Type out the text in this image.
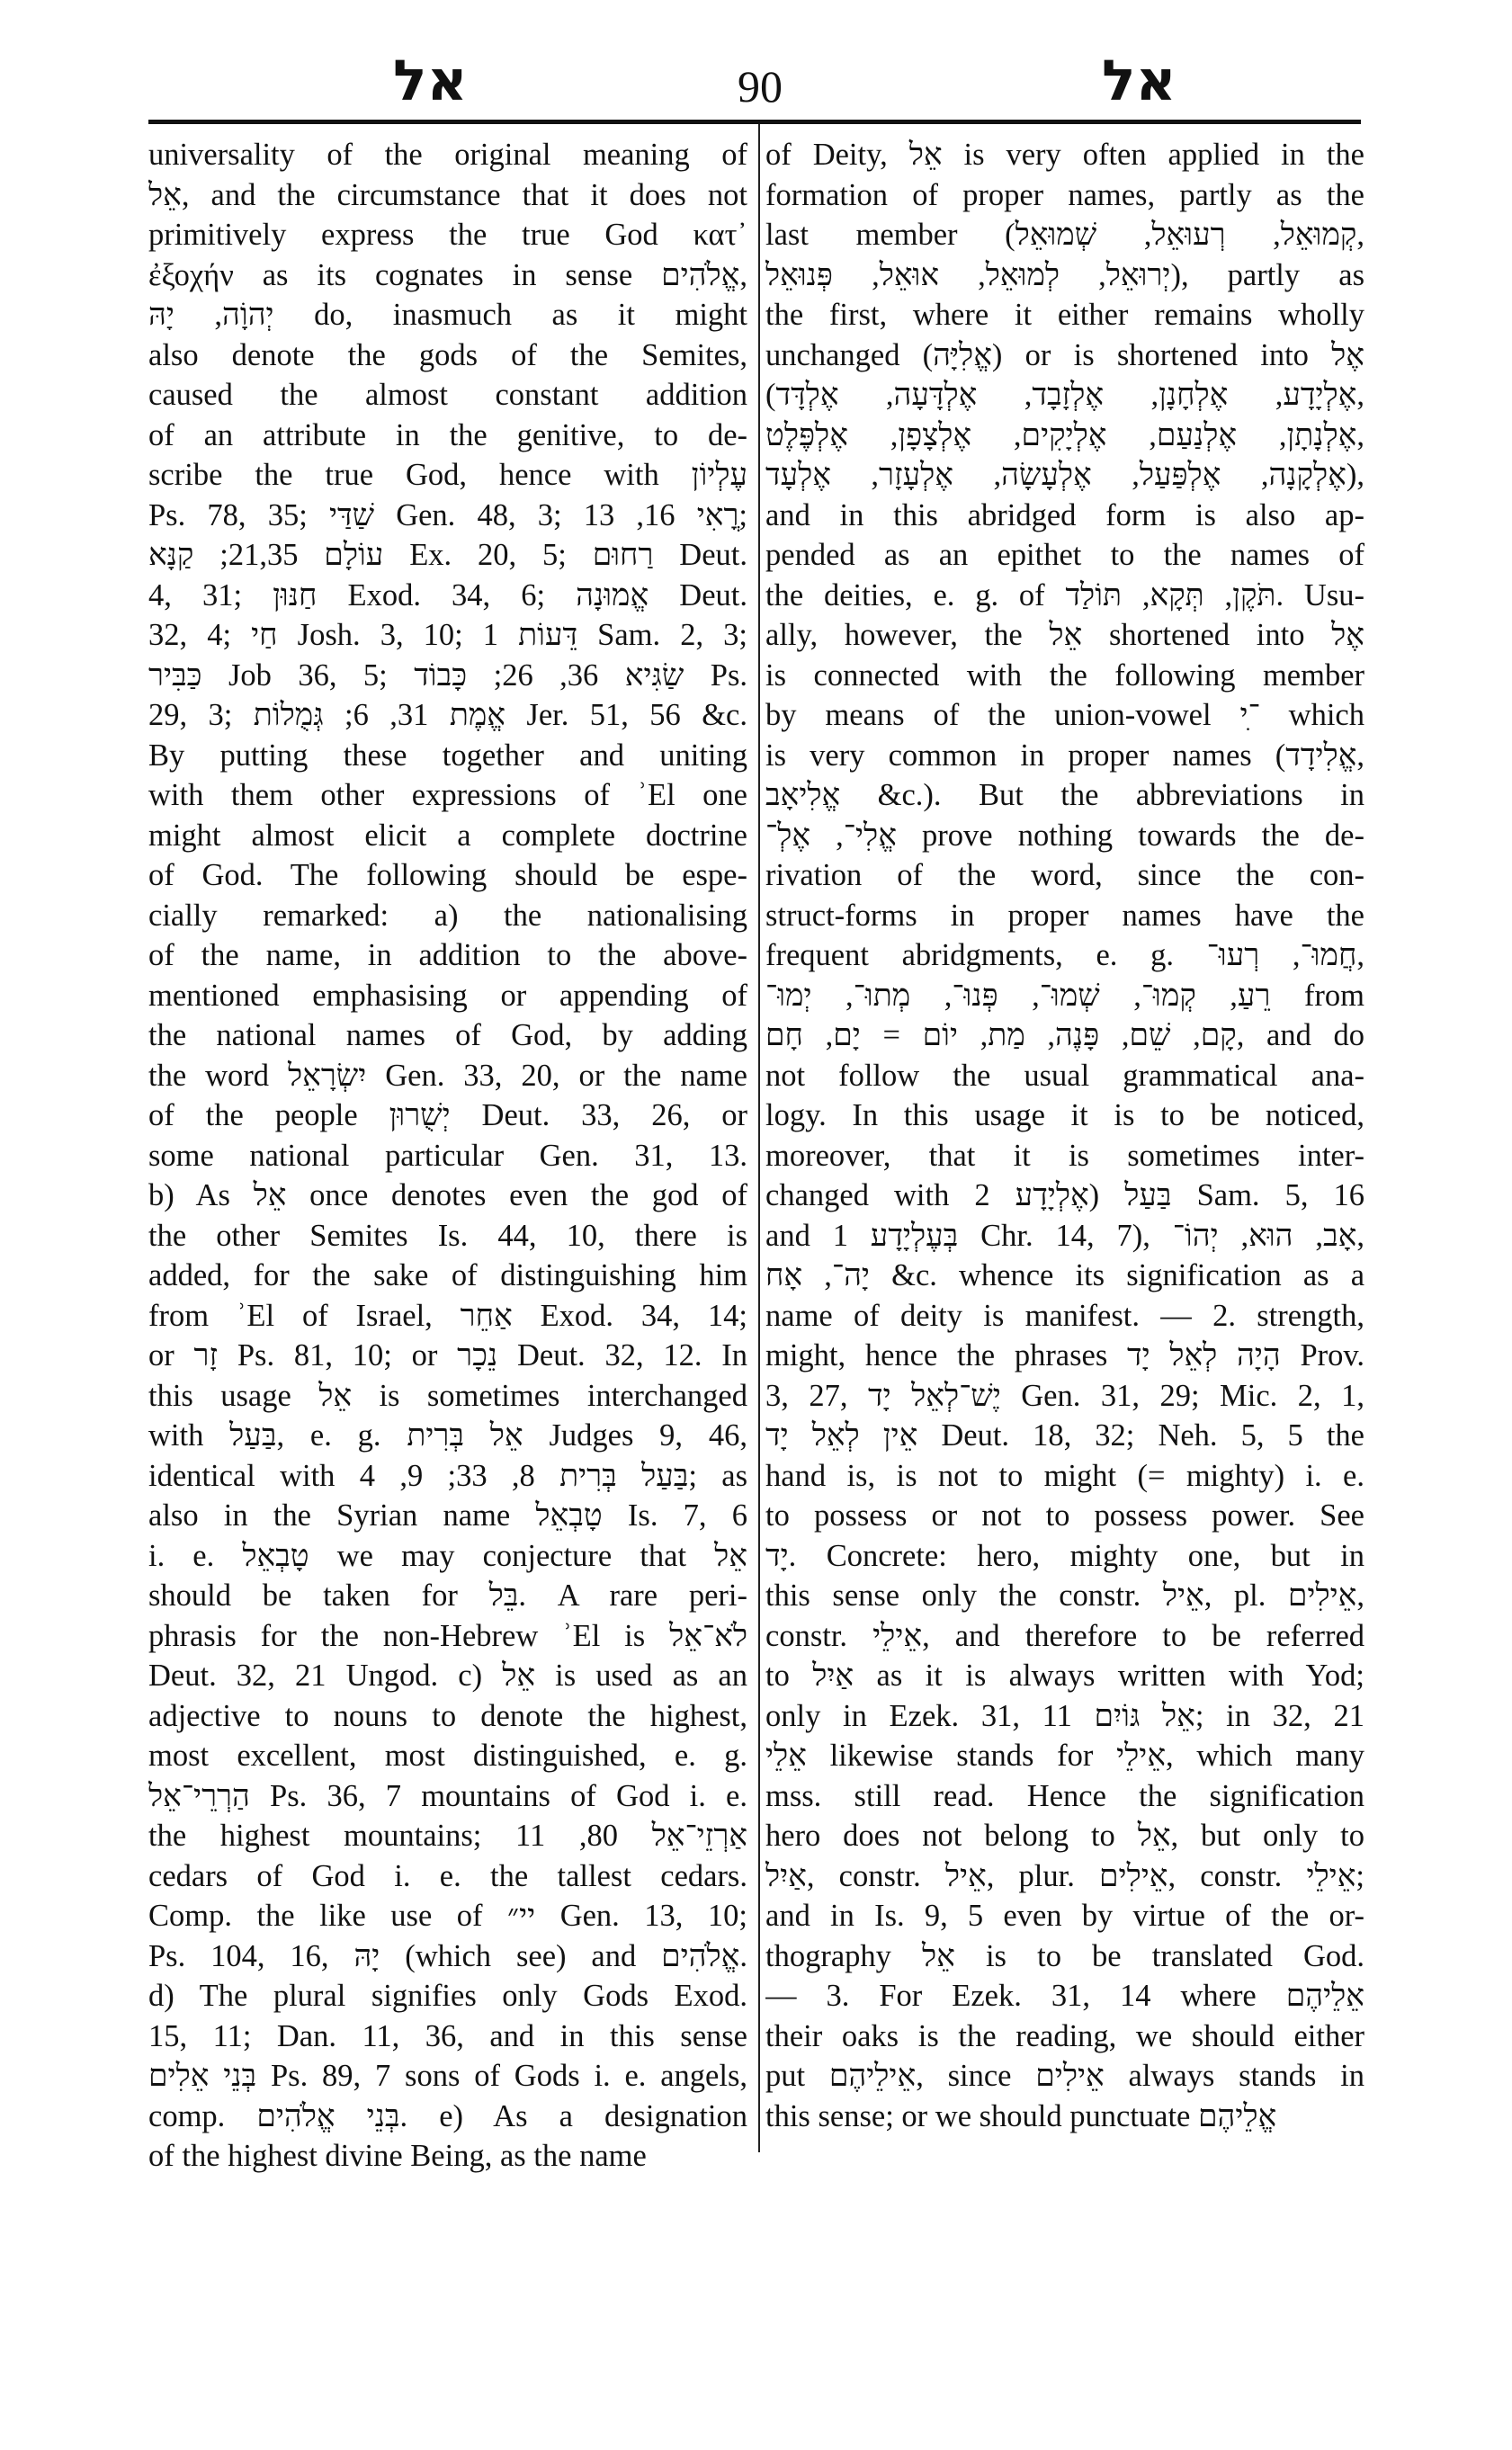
אל	90	אל
universality of the original meaning of
אֵל, and the circumstance that it does not
primitively express the true God κατ᾽
ἐξοχήν as its cognates in sense אֱלֹהִים,
יְהוָֹה, יָהּ do, inasmuch as it might
also denote the gods of the Semites,
caused the almost constant addition
of an attribute in the genitive, to de-
scribe the true God, hence with עֶלְיוֹן
Ps. 78, 35; שַׁדַּי Gen. 48, 3; רֳאִי 16, 13;
עוֹלָם 21,35; קַנָּא Ex. 20, 5; רַחוּם Deut.
4, 31; חַנּוּן Exod. 34, 6; אֱמוּנָה Deut.
32, 4; חַי Josh. 3, 10; דֵּעוֹת 1 Sam. 2, 3;
כַּבִּיר Job 36, 5; שַׂגִּיא 36, 26; כָּבוֹד Ps.
29, 3; אֱמֶת 31, 6; גְּמֻלוֹת Jer. 51, 56 &c.
By putting these together and uniting
with them other expressions of ʾEl one
might almost elicit a complete doctrine
of God. The following should be espe-
cially remarked: a) the nationalising
of the name, in addition to the above-
mentioned emphasising or appending of
the national names of God, by adding
the word יִשְׂרָאֵל Gen. 33, 20, or the name
of the people יְשֻׁרוּן Deut. 33, 26, or
some national particular Gen. 31, 13.
b) As אֵל once denotes even the god of
the other Semites Is. 44, 10, there is
added, for the sake of distinguishing him
from ʾEl of Israel, אַחֵר Exod. 34, 14;
or זָר Ps. 81, 10; or נֵכָר Deut. 32, 12. In
this usage אֵל is sometimes interchanged
with בַּעַל, e. g. אֵל בְּרִית Judges 9, 46,
identical with בַּעַל בְּרִית 8, 33; 9, 4; as
also in the Syrian name טָבְאֵל Is. 7, 6
i. e. טָבְאֵל we may conjecture that אֵל
should be taken for בֵּל. A rare peri-
phrasis for the non-Hebrew ʾEl is לֹא־אֵל
Deut. 32, 21 Ungod. c) אֵל is used as an
adjective to nouns to denote the highest,
most excellent, most distinguished, e. g.
הַרְרֵי־אֵל Ps. 36, 7 mountains of God i. e.
the highest mountains; אַרְזֵי־אֵל 80, 11
cedars of God i. e. the tallest cedars.
Comp. the like use of יי״ Gen. 13, 10;
Ps. 104, 16, יָהּ (which see) and אֱלֹהִים.
d) The plural signifies only Gods Exod.
15, 11; Dan. 11, 36, and in this sense
בְּנֵי אֵלִים Ps. 89, 7 sons of Gods i. e. angels,
comp. בְּנֵי אֱלֹהִים. e) As a designation
of the highest divine Being, as the name
of Deity, אֵל is very often applied in the
formation of proper names, partly as the
last member (קְמוּאֵל, רְעוּאֵל, שְׁמוּאֵל,
יְרוּאֵל, לְמוּאֵל, אוּאֵל, פְּנוּאֵל), partly as
the first, where it either remains wholly
unchanged (אֱלִיָּה) or is shortened into אֶל
(אֶלְיָדָע, אֶלְחָנָן, אֶלְזָבָד, אֶלְדָּעָה, אֶלְדָּד,
אֶלְנָתָן, אֶלְנַעַם, אֶלְיָקִים, אֶלְצָפָן, אֶלְפֶּלֶט,
אֶלְקָנָה, אֶלְפַּעַל, אֶלְעָשָׂה, אֶלְעָזָר, אֶלְעָד),
and in this abridged form is also ap-
pended as an epithet to the names of
the deities, e. g. of תֹּקֶן, תְּקָא, תּוֹלַד. Usu-
ally, however, the אֵל shortened into אֶל
is connected with the following member
by means of the union-vowel ־ִי which
is very common in proper names (אֱלִידָד,
אֱלִיאָב &c.). But the abbreviations in
אֱלִי־, אֶלְ־ prove nothing towards the de-
rivation of the word, since the con-
struct-forms in proper names have the
frequent abridgments, e. g. חֲמוּ־, רְעוּ־,
רֵעַ, קְמוּ־, שְׁמוּ־, פְּנוּ־, מְתוּ־, יְמוּ־ from
קָם, שֵׁם, פָּנֶה, מַת, יוֹם = יָם, חָם, and do
not follow the usual grammatical ana-
logy. In this usage it is to be noticed,
moreover, that it is sometimes inter-
changed with בַּעַל (אֶלְיָדָע 2 Sam. 5, 16
and בְּעֶלְיָדָע 1 Chr. 14, 7), אָב, הוּא, יְהוֹ־,
יָה־, אָח &c. whence its signification as a
name of deity is manifest. — 2. strength,
might, hence the phrases הָיָה לְאֵל יָד Prov.
3, 27, יֶשׁ־לְאֵל יָד Gen. 31, 29; Mic. 2, 1,
אֵין לְאֵל יָד Deut. 18, 32; Neh. 5, 5 the
hand is, is not to might (= mighty) i. e.
to possess or not to possess power. See
יָד. Concrete: hero, mighty one, but in
this sense only the constr. אֵיל, pl. אֵילִים,
constr. אֵילֵי, and therefore to be referred
to אַיִל as it is always written with Yod;
only in Ezek. 31, 11 אֵל גּוֹיִם; in 32, 21
אֵלֵי likewise stands for אֵילֵי, which many
mss. still read. Hence the signification
hero does not belong to אֵל, but only to
אַיִל, constr. אֵיל, plur. אֵילִים, constr. אֵילֵי;
and in Is. 9, 5 even by virtue of the or-
thography אֵל is to be translated God.
— 3. For Ezek. 31, 14 where אֵלֵיהֶם
their oaks is the reading, we should either
put אֵילֵיהֶם, since אֵילִים always stands in
this sense; or we should punctuate אֱלֵיהֶם
